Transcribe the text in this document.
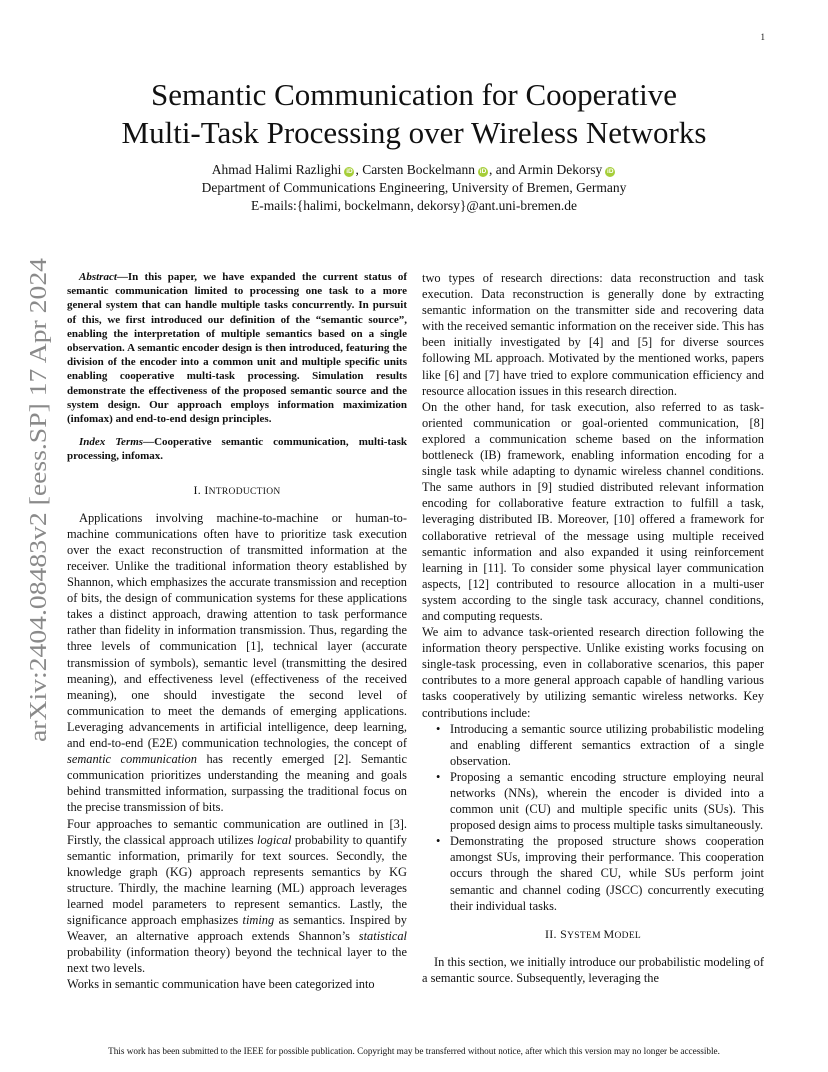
1
arXiv:2404.08483v2 [eess.SP] 17 Apr 2024
Semantic Communication for Cooperative
Multi-Task Processing over Wireless Networks
Ahmad Halimi Razlighi iD , Carsten Bockelmann iD , and Armin Dekorsy iD
Department of Communications Engineering, University of Bremen, Germany
E-mails:{halimi, bockelmann, dekorsy}@ant.uni-bremen.de

Abstract—In this paper, we have expanded the current status of semantic communication limited to processing one task to a more general system that can handle multiple tasks concurrently. In pursuit of this, we first introduced our definition of the “semantic source”, enabling the interpretation of multiple semantics based on a single observation. A semantic encoder design is then introduced, featuring the division of the encoder into a common unit and multiple specific units enabling cooperative multi-task processing. Simulation results demonstrate the effectiveness of the proposed semantic source and the system design. Our approach employs information maximization (infomax) and end-to-end design principles.

Index Terms—Cooperative semantic communication, multi-task processing, infomax.

I. INTRODUCTION

Applications involving machine-to-machine or human-to-machine communications often have to prioritize task execution over the exact reconstruction of transmitted information at the receiver. Unlike the traditional information theory established by Shannon, which emphasizes the accurate transmission and reception of bits, the design of communication systems for these applications takes a distinct approach, drawing attention to task performance rather than fidelity in information transmission. Thus, regarding the three levels of communication [1], technical layer (accurate transmission of symbols), semantic level (transmitting the desired meaning), and effectiveness level (effectiveness of the received meaning), one should investigate the second level of communication to meet the demands of emerging applications. Leveraging advancements in artificial intelligence, deep learning, and end-to-end (E2E) communication technologies, the concept of semantic communication has recently emerged [2]. Semantic communication prioritizes understanding the meaning and goals behind transmitted information, surpassing the traditional focus on the precise transmission of bits.

Four approaches to semantic communication are outlined in [3]. Firstly, the classical approach utilizes logical probability to quantify semantic information, primarily for text sources. Secondly, the knowledge graph (KG) approach represents semantics by KG structure. Thirdly, the machine learning (ML) approach leverages learned model parameters to represent semantics. Lastly, the significance approach emphasizes timing as semantics. Inspired by Weaver, an alternative approach extends Shannon’s statistical probability (information theory) beyond the technical layer to the next two levels.

Works in semantic communication have been categorized into

two types of research directions: data reconstruction and task execution. Data reconstruction is generally done by extracting semantic information on the transmitter side and recovering data with the received semantic information on the receiver side. This has been initially investigated by [4] and [5] for diverse sources following ML approach. Motivated by the mentioned works, papers like [6] and [7] have tried to explore communication efficiency and resource allocation issues in this research direction.

On the other hand, for task execution, also referred to as task-oriented communication or goal-oriented communication, [8] explored a communication scheme based on the information bottleneck (IB) framework, enabling information encoding for a single task while adapting to dynamic wireless channel conditions. The same authors in [9] studied distributed relevant information encoding for collaborative feature extraction to fulfill a task, leveraging distributed IB. Moreover, [10] offered a framework for collaborative retrieval of the message using multiple received semantic information and also expanded it using reinforcement learning in [11]. To consider some physical layer communication aspects, [12] contributed to resource allocation in a multi-user system according to the single task accuracy, channel conditions, and computing requests.

We aim to advance task-oriented research direction following the information theory perspective. Unlike existing works focusing on single-task processing, even in collaborative scenarios, this paper contributes to a more general approach capable of handling various tasks cooperatively by utilizing semantic wireless networks. Key contributions include:

• Introducing a semantic source utilizing probabilistic modeling and enabling different semantics extraction of a single observation.
• Proposing a semantic encoding structure employing neural networks (NNs), wherein the encoder is divided into a common unit (CU) and multiple specific units (SUs). This proposed design aims to process multiple tasks simultaneously.
• Demonstrating the proposed structure shows cooperation amongst SUs, improving their performance. This cooperation occurs through the shared CU, while SUs perform joint semantic and channel coding (JSCC) concurrently executing their individual tasks.
II. SYSTEM MODEL

In this section, we initially introduce our probabilistic modeling of a semantic source. Subsequently, leveraging the

This work has been submitted to the IEEE for possible publication. Copyright may be transferred without notice, after which this version may no longer be accessible.
